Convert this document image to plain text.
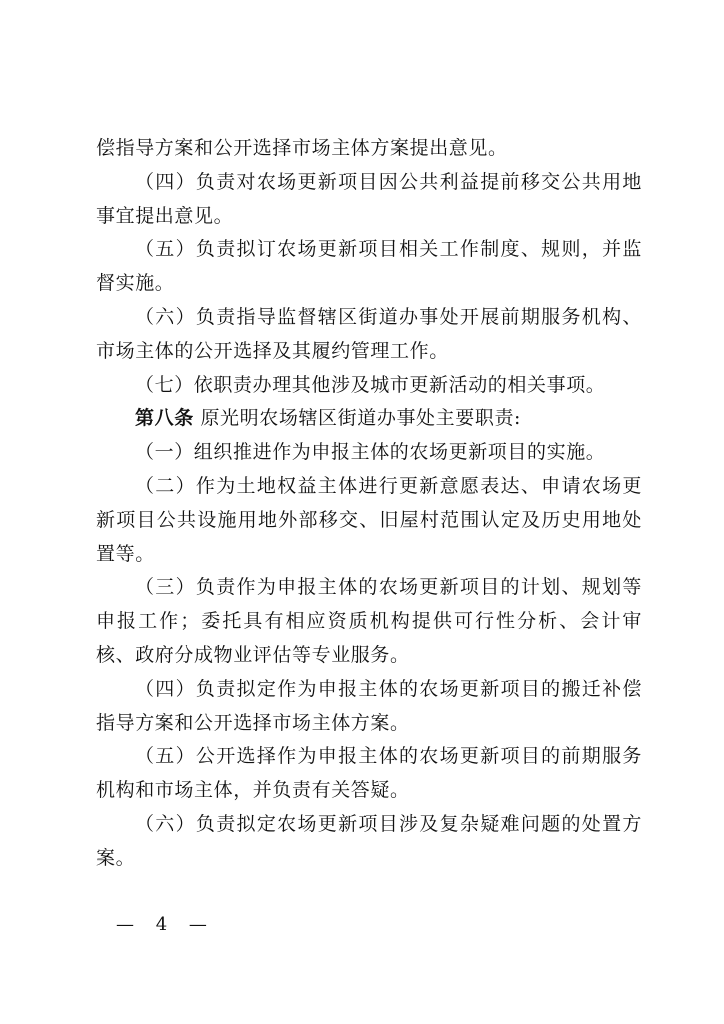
偿指导方案和公开选择市场主体方案提出意见。

（四）负责对农场更新项目因公共利益提前移交公共用地事宜提出意见。

（五）负责拟订农场更新项目相关工作制度、规则，并监督实施。

（六）负责指导监督辖区街道办事处开展前期服务机构、市场主体的公开选择及其履约管理工作。

（七）依职责办理其他涉及城市更新活动的相关事项。

第八条 原光明农场辖区街道办事处主要职责:

（一）组织推进作为申报主体的农场更新项目的实施。

（二）作为土地权益主体进行更新意愿表达、申请农场更新项目公共设施用地外部移交、旧屋村范围认定及历史用地处置等。

（三）负责作为申报主体的农场更新项目的计划、规划等申报工作；委托具有相应资质机构提供可行性分析、会计审核、政府分成物业评估等专业服务。

（四）负责拟定作为申报主体的农场更新项目的搬迁补偿指导方案和公开选择市场主体方案。

（五）公开选择作为申报主体的农场更新项目的前期服务机构和市场主体，并负责有关答疑。

（六）负责拟定农场更新项目涉及复杂疑难问题的处置方案。

— 4 —
